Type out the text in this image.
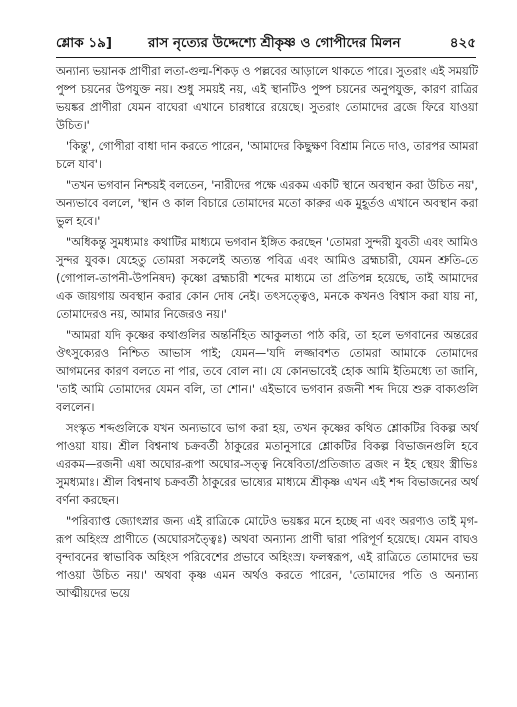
শ্লোক ১৯]	রাস নৃত্যের উদ্দেশ্যে শ্রীকৃষ্ণ ও গোপীদের মিলন	৪২৫

অন্যান্য ভয়ানক প্রাণীরা লতা-গুল্ম-শিকড় ও পল্লবের আড়ালে থাকতে পারে। সুতরাং এই সময়টি পুষ্প চয়নের উপযুক্ত নয়। শুধু সময়ই নয়, এই স্থানটিও পুষ্প চয়নের অনুপযুক্ত, কারণ রাত্রির ভয়ঙ্কর প্রাণীরা যেমন বাঘেরা এখানে চারধারে রয়েছে। সুতরাং তোমাদের ব্রজে ফিরে যাওয়া উচিত।'

'কিন্তু', গোপীরা বাধা দান করতে পারেন, 'আমাদের কিছুক্ষণ বিশ্রাম নিতে দাও, তারপর আমরা চলে যাব'।

"তখন ভগবান নিশ্চয়ই বলতেন, 'নারীদের পক্ষে এরকম একটি স্থানে অবস্থান করা উচিত নয়', অন্যভাবে বললে, 'স্থান ও কাল বিচারে তোমাদের মতো কারুর এক মুহূর্তও এখানে অবস্থান করা ভুল হবে।'

"অধিকন্তু সুমধ্যমাঃ কথাটির মাধ্যমে ভগবান ইঙ্গিত করছেন 'তোমরা সুন্দরী যুবতী এবং আমিও সুন্দর যুবক। যেহেতু তোমরা সকলেই অত্যন্ত পবিত্র এবং আমিও ব্রহ্মচারী, যেমন শ্রুতি-তে (গোপাল-তাপনী-উপনিষদ) কৃষ্ণো ব্রহ্মচারী শব্দের মাধ্যমে তা প্রতিপন্ন হয়েছে, তাই আমাদের এক জায়গায় অবস্থান করার কোন দোষ নেই। তৎসত্ত্বেও, মনকে কখনও বিশ্বাস করা যায় না, তোমাদেরও নয়, আমার নিজেরও নয়।'

"আমরা যদি কৃষ্ণের কথাগুলির অন্তর্নিহিত আকুলতা পাঠ করি, তা হলে ভগবানের অন্তরের ঔৎসুক্যেরও নিশ্চিত আভাস পাই; যেমন—'যদি লজ্জাবশত তোমরা আমাকে তোমাদের আগমনের কারণ বলতে না পার, তবে বোল না। যে কোনভাবেই হোক আমি ইতিমধ্যে তা জানি, 'তাই আমি তোমাদের যেমন বলি, তা শোন।' এইভাবে ভগবান রজনী শব্দ দিয়ে শুরু বাক্যগুলি বললেন।

সংস্কৃত শব্দগুলিকে যখন অন্যভাবে ভাগ করা হয়, তখন কৃষ্ণের কথিত শ্লোকটির বিকল্প অর্থ পাওয়া যায়। শ্রীল বিশ্বনাথ চক্রবর্তী ঠাকুরের মতানুসারে শ্লোকটির বিকল্প বিভাজনগুলি হবে এরকম—রজনী এষা অঘোর-রূপা অঘোর-সত্ত্ব নিষেবিতা/প্রতিজাত ব্রজং ন ইহ স্থেয়ং স্ত্রীভিঃ সুমধ্যমাঃ। শ্রীল বিশ্বনাথ চক্রবর্তী ঠাকুরের ভাষ্যের মাধ্যমে শ্রীকৃষ্ণ এখন এই শব্দ বিভাজনের অর্থ বর্ণনা করছেন।

"পরিব্যাপ্ত জ্যোৎস্নার জন্য এই রাত্রিকে মোটেও ভয়ঙ্কর মনে হচ্ছে না এবং অরণ্যও তাই মৃগ-রূপ অহিংস্র প্রাণীতে (অঘোরসত্ত্বৈঃ) অথবা অন্যান্য প্রাণী দ্বারা পরিপূর্ণ হয়েছে। যেমন বাঘও বৃন্দাবনের স্বাভাবিক অহিংস পরিবেশের প্রভাবে অহিংস্র। ফলস্বরূপ, এই রাত্রিতে তোমাদের ভয় পাওয়া উচিত নয়।' অথবা কৃষ্ণ এমন অর্থও করতে পারেন, 'তোমাদের পতি ও অন্যান্য আত্মীয়দের ভয়ে
